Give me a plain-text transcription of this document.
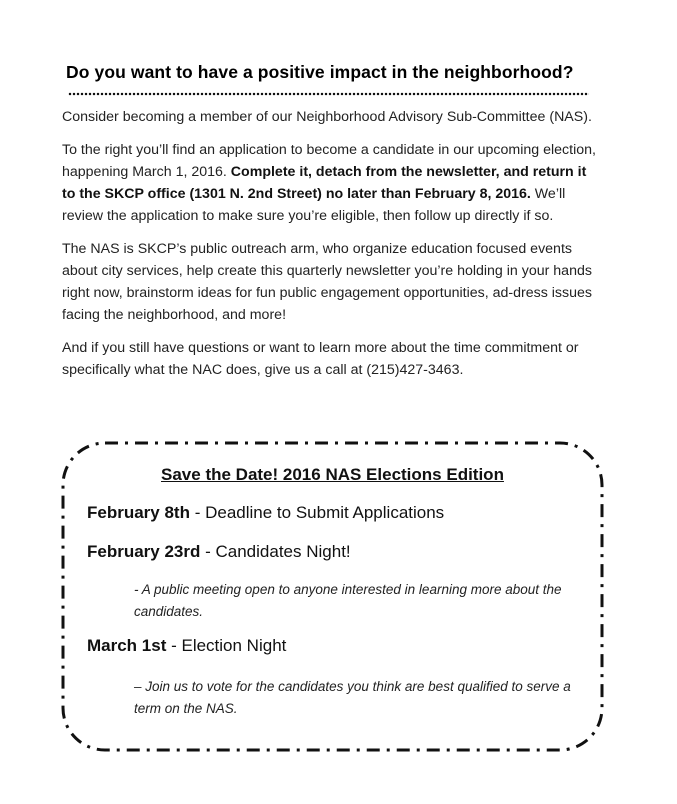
Do you want to have a positive impact in the neighborhood?

Consider becoming a member of our Neighborhood Advisory Sub-Committee (NAS).

To the right you’ll find an application to become a candidate in our upcoming election, happening March 1, 2016. Complete it, detach from the newsletter, and return it to the SKCP office (1301 N. 2nd Street) no later than February 8, 2016. We’ll review the application to make sure you’re eligible, then follow up directly if so.

The NAS is SKCP’s public outreach arm, who organize education focused events about city services, help create this quarterly newsletter you’re holding in your hands right now, brainstorm ideas for fun public engagement opportunities, ad-dress issues facing the neighborhood, and more!

And if you still have questions or want to learn more about the time commitment or specifically what the NAC does, give us a call at (215)427-3463.

Save the Date! 2016 NAS Elections Edition
February 8th - Deadline to Submit Applications
February 23rd - Candidates Night!
- A public meeting open to anyone interested in learning more about the candidates.
March 1st - Election Night
– Join us to vote for the candidates you think are best qualified to serve a term on the NAS.
